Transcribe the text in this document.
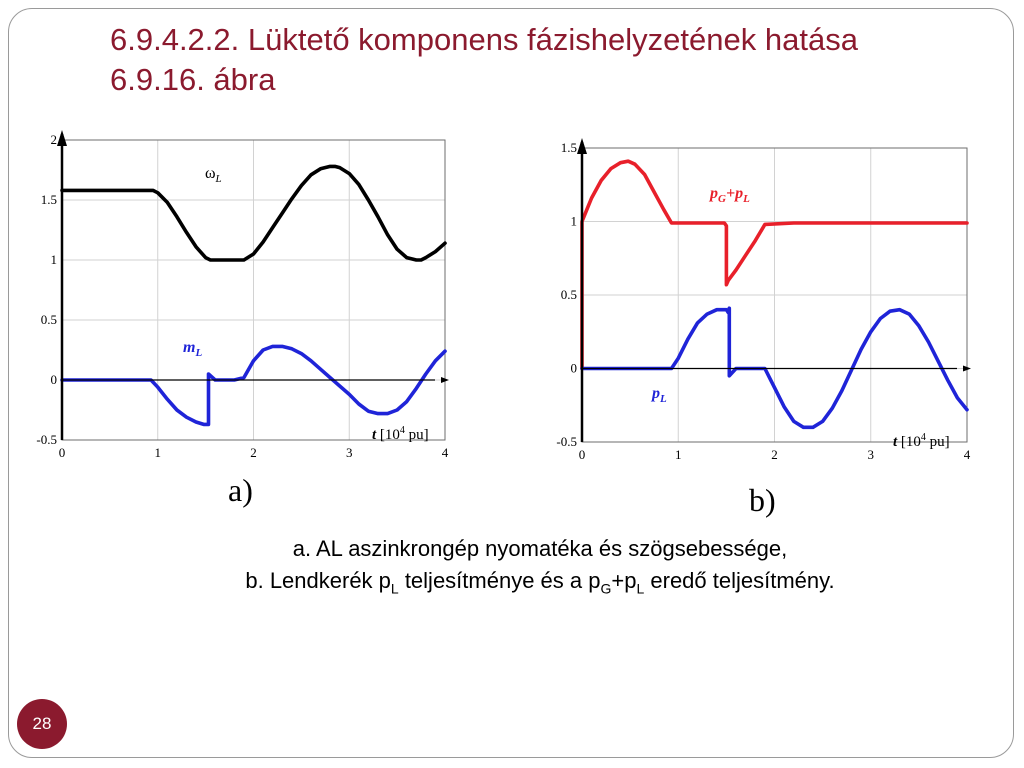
6.9.4.2.2. Lüktető komponens fázishelyzetének hatása
6.9.16. ábra
0	1	2	3	4
-0.5
0
0.5
1
1.5
2
t [$10^4$ pu]
$\omega_L$
$m_L$
0	1	2	3	4
-0.5
0
0.5
1
1.5
t [$10^4$ pu]
$p_G+p_L$
$p_L$
a)	b)
a. AL aszinkrongép nyomatéka és szögsebessége,
b. Lendkerék $p_L$ teljesítménye és a $p_G+p_L$ eredő teljesítmény.
28
